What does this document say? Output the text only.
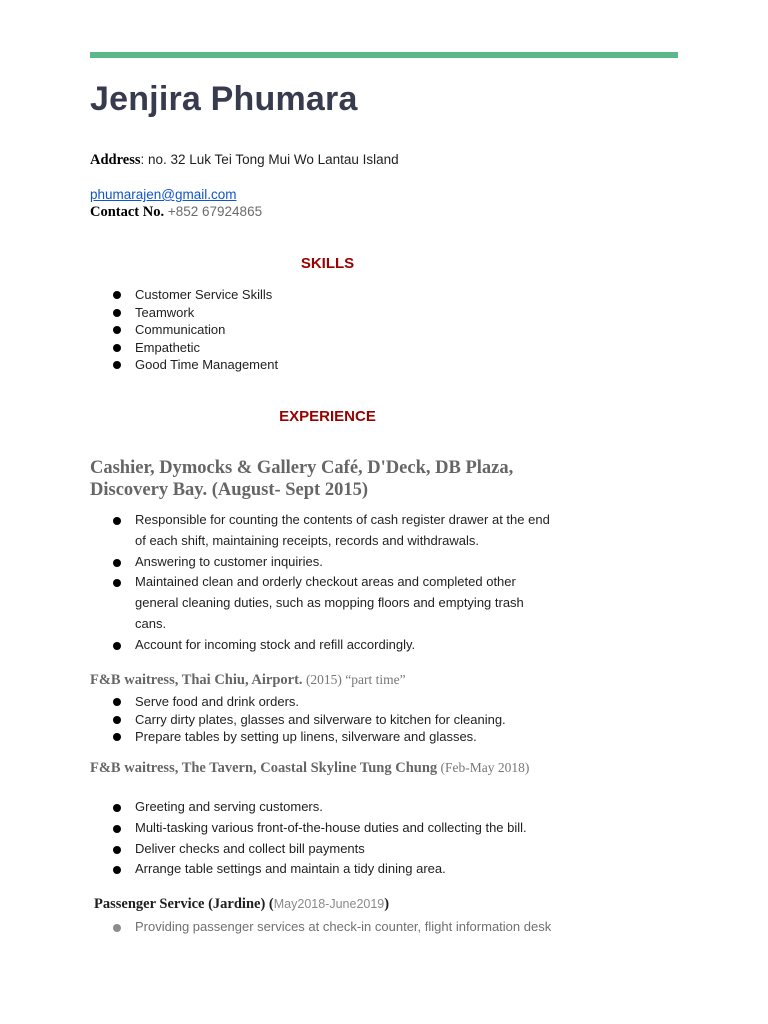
Jenjira Phumara
Address: no. 32 Luk Tei Tong Mui Wo Lantau Island
phumarajen@gmail.com
Contact No. +852 67924865
SKILLS
Customer Service Skills
Teamwork
Communication
Empathetic
Good Time Management
EXPERIENCE
Cashier, Dymocks & Gallery Café, D'Deck, DB Plaza, Discovery Bay. (August- Sept 2015)
Responsible for counting the contents of cash register drawer at the end of each shift, maintaining receipts, records and withdrawals.
Answering to customer inquiries.
Maintained clean and orderly checkout areas and completed other general cleaning duties, such as mopping floors and emptying trash cans.
Account for incoming stock and refill accordingly.

F&B waitress, Thai Chiu, Airport. (2015) “part time”

Serve food and drink orders.
Carry dirty plates, glasses and silverware to kitchen for cleaning.
Prepare tables by setting up linens, silverware and glasses.

F&B waitress, The Tavern, Coastal Skyline Tung Chung (Feb-May 2018)

Greeting and serving customers.
Multi-tasking various front-of-the-house duties and collecting the bill.
Deliver checks and collect bill payments
Arrange table settings and maintain a tidy dining area.

Passenger Service (Jardine) (May2018-June2019)

Providing passenger services at check-in counter, flight information desk
